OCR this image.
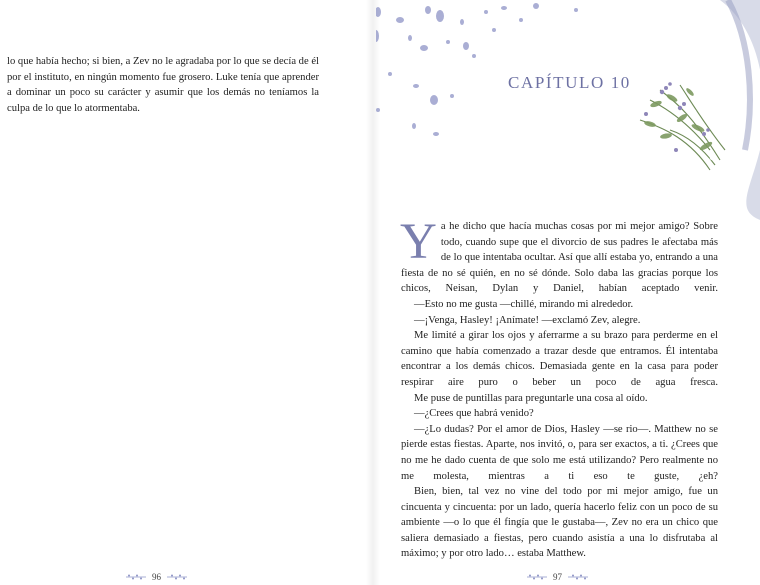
lo que había hecho; si bien, a Zev no le agradaba por lo que se decía de él por el instituto, en ningún momento fue grosero. Luke tenía que aprender a dominar un poco su carácter y asumir que los demás no teníamos la culpa de lo que lo atormentaba.

96
CAPÍTULO 10

Ya he dicho que hacía muchas cosas por mi mejor amigo? Sobre todo, cuando supe que el divorcio de sus padres le afectaba más de lo que intentaba ocultar. Así que allí estaba yo, entrando a una fiesta de no sé quién, en no sé dónde. Solo daba las gracias porque los chicos, Neisan, Dylan y Daniel, habían aceptado venir.

—Esto no me gusta —chillé, mirando mi alrededor.

—¡Venga, Hasley! ¡Anímate! —exclamó Zev, alegre.

Me limité a girar los ojos y aferrarme a su brazo para perderme en el camino que había comenzado a trazar desde que entramos. Él intentaba encontrar a los demás chicos. Demasiada gente en la casa para poder respirar aire puro o beber un poco de agua fresca.

Me puse de puntillas para preguntarle una cosa al oído.

—¿Crees que habrá venido?

—¿Lo dudas? Por el amor de Dios, Hasley —se rio—. Matthew no se pierde estas fiestas. Aparte, nos invitó, o, para ser exactos, a ti. ¿Crees que no me he dado cuenta de que solo me está utilizando? Pero realmente no me molesta, mientras a ti eso te guste, ¿eh?

Bien, bien, tal vez no vine del todo por mi mejor amigo, fue un cincuenta y cincuenta: por un lado, quería hacerlo feliz con un poco de su ambiente —o lo que él fingía que le gustaba—, Zev no era un chico que saliera demasiado a fiestas, pero cuando asistía a una lo disfrutaba al máximo; y por otro lado… estaba Matthew.

97
